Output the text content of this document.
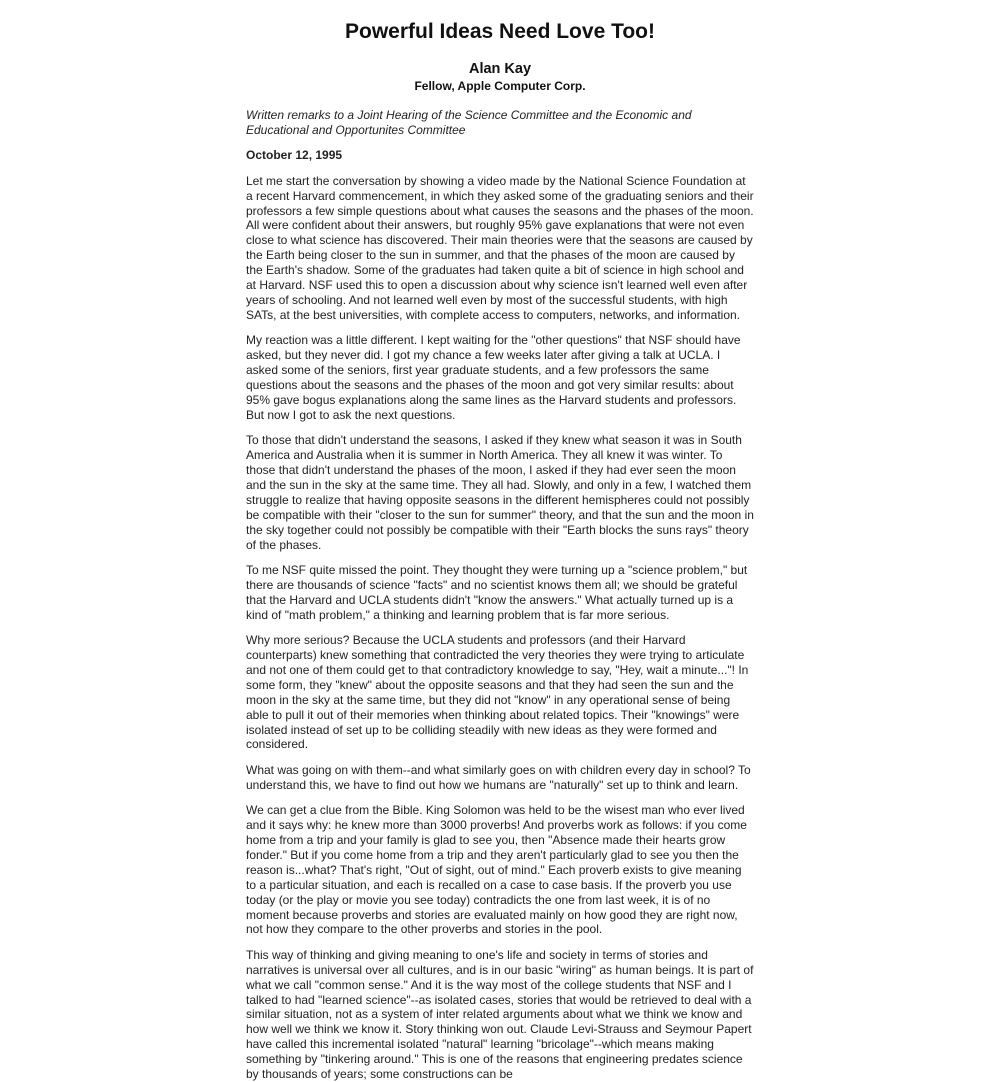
Powerful Ideas Need Love Too!
Alan Kay
Fellow, Apple Computer Corp.

Written remarks to a Joint Hearing of the Science Committee and the Economic and Educational and Opportunites Committee

October 12, 1995

Let me start the conversation by showing a video made by the National Science Foundation at a recent Harvard commencement, in which they asked some of the graduating seniors and their professors a few simple questions about what causes the seasons and the phases of the moon. All were confident about their answers, but roughly 95% gave explanations that were not even close to what science has discovered. Their main theories were that the seasons are caused by the Earth being closer to the sun in summer, and that the phases of the moon are caused by the Earth's shadow. Some of the graduates had taken quite a bit of science in high school and at Harvard. NSF used this to open a discussion about why science isn't learned well even after years of schooling. And not learned well even by most of the successful students, with high SATs, at the best universities, with complete access to computers, networks, and information.

My reaction was a little different. I kept waiting for the "other questions" that NSF should have asked, but they never did. I got my chance a few weeks later after giving a talk at UCLA. I asked some of the seniors, first year graduate students, and a few professors the same questions about the seasons and the phases of the moon and got very similar results: about 95% gave bogus explanations along the same lines as the Harvard students and professors. But now I got to ask the next questions.

To those that didn't understand the seasons, I asked if they knew what season it was in South America and Australia when it is summer in North America. They all knew it was winter. To those that didn't understand the phases of the moon, I asked if they had ever seen the moon and the sun in the sky at the same time. They all had. Slowly, and only in a few, I watched them struggle to realize that having opposite seasons in the different hemispheres could not possibly be compatible with their "closer to the sun for summer" theory, and that the sun and the moon in the sky together could not possibly be compatible with their "Earth blocks the suns rays" theory of the phases.

To me NSF quite missed the point. They thought they were turning up a "science problem," but there are thousands of science "facts" and no scientist knows them all; we should be grateful that the Harvard and UCLA students didn't "know the answers." What actually turned up is a kind of "math problem," a thinking and learning problem that is far more serious.

Why more serious? Because the UCLA students and professors (and their Harvard counterparts) knew something that contradicted the very theories they were trying to articulate and not one of them could get to that contradictory knowledge to say, "Hey, wait a minute..."! In some form, they "knew" about the opposite seasons and that they had seen the sun and the moon in the sky at the same time, but they did not "know" in any operational sense of being able to pull it out of their memories when thinking about related topics. Their "knowings" were isolated instead of set up to be colliding steadily with new ideas as they were formed and considered.

What was going on with them--and what similarly goes on with children every day in school? To understand this, we have to find out how we humans are "naturally" set up to think and learn.

We can get a clue from the Bible. King Solomon was held to be the wisest man who ever lived and it says why: he knew more than 3000 proverbs! And proverbs work as follows: if you come home from a trip and your family is glad to see you, then "Absence made their hearts grow fonder." But if you come home from a trip and they aren't particularly glad to see you then the reason is...what? That's right, "Out of sight, out of mind." Each proverb exists to give meaning to a particular situation, and each is recalled on a case to case basis. If the proverb you use today (or the play or movie you see today) contradicts the one from last week, it is of no moment because proverbs and stories are evaluated mainly on how good they are right now, not how they compare to the other proverbs and stories in the pool.

This way of thinking and giving meaning to one's life and society in terms of stories and narratives is universal over all cultures, and is in our basic "wiring" as human beings. It is part of what we call "common sense." And it is the way most of the college students that NSF and I talked to had "learned science"--as isolated cases, stories that would be retrieved to deal with a similar situation, not as a system of inter related arguments about what we think we know and how well we think we know it. Story thinking won out. Claude Levi-Strauss and Seymour Papert have called this incremental isolated "natural" learning "bricolage"--which means making something by "tinkering around." This is one of the reasons that engineering predates science by thousands of years; some constructions can be
